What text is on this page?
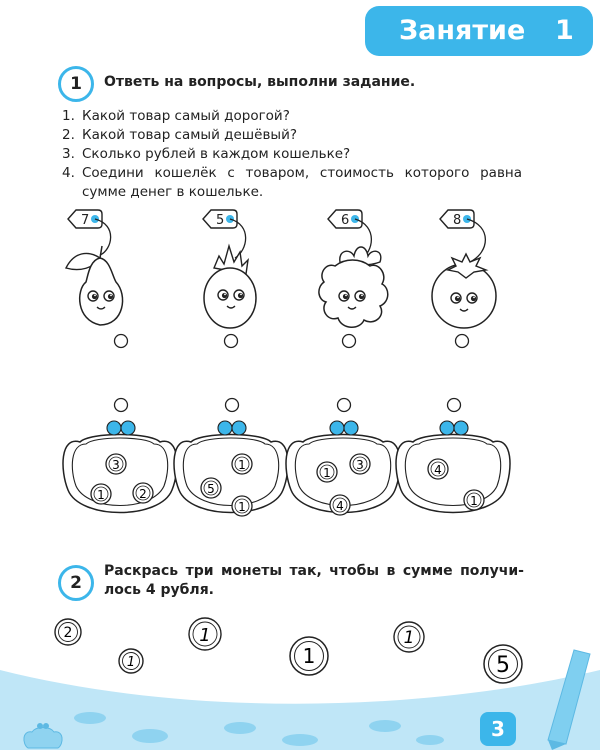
Занятие 1
1	Ответь на вопросы, выполни задание.
1. Какой товар самый дорогой?
2. Какой товар самый дешёвый?
3. Сколько рублей в каждом кошельке?
4. Соедини кошелёк с товаром, стоимость которого равна
сумме денег в кошельке.
7	5	6	8
3
1	2
1
5
1
1
3
4
4
1
2
1
1
1
1
5
2
Раскрась три монеты так, чтобы в сумме получи-
лось 4 рубля.
3
